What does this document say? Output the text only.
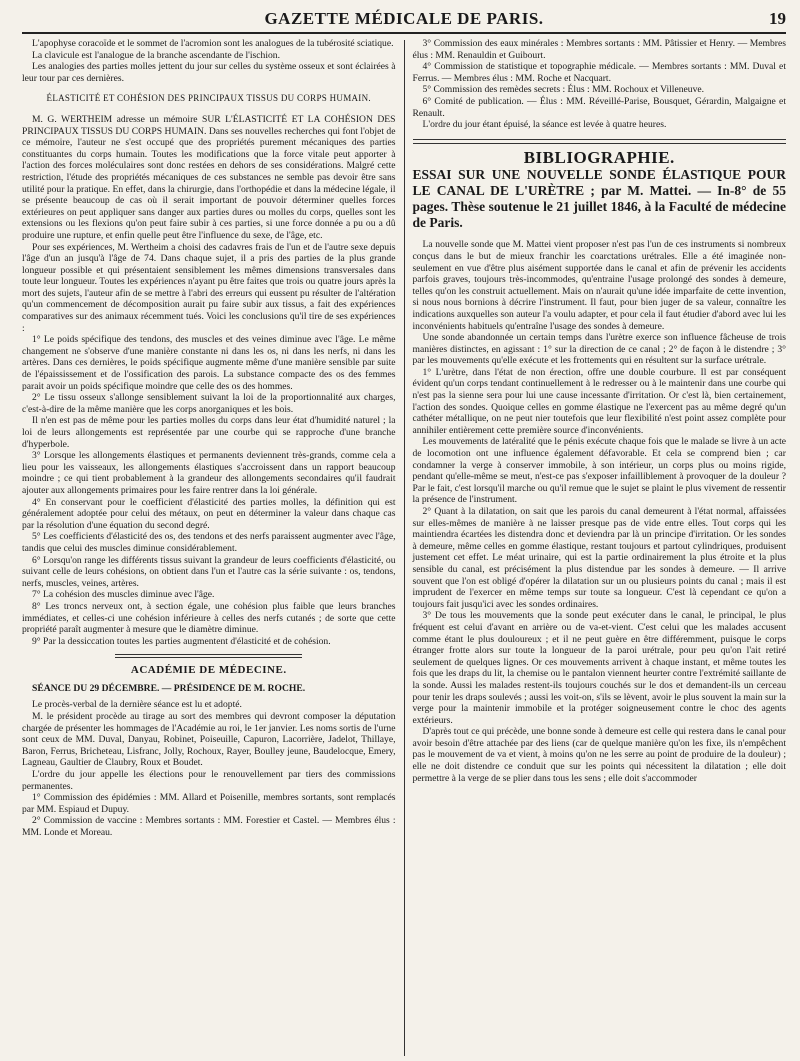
GAZETTE MÉDICALE DE PARIS.	19

L'apophyse coracoïde et le sommet de l'acromion sont les analogues de la tubérosité sciatique.

La clavicule est l'analogue de la branche ascendante de l'ischion.

Les analogies des parties molles jettent du jour sur celles du système osseux et sont éclairées à leur tour par ces dernières.

ÉLASTICITÉ ET COHÉSION DES PRINCIPAUX TISSUS DU CORPS HUMAIN.

M. G. WERTHEIM adresse un mémoire SUR L'ÉLASTICITÉ ET LA COHÉSION DES PRINCIPAUX TISSUS DU CORPS HUMAIN. Dans ses nouvelles recherches qui font l'objet de ce mémoire, l'auteur ne s'est occupé que des propriétés purement mécaniques des parties constituantes du corps humain. Toutes les modifications que la force vitale peut apporter à l'action des forces moléculaires sont donc restées en dehors de ses considérations. Malgré cette restriction, l'étude des propriétés mécaniques de ces substances ne semble pas devoir être sans utilité pour la pratique. En effet, dans la chirurgie, dans l'orthopédie et dans la médecine légale, il se présente beaucoup de cas où il serait important de pouvoir déterminer quelles forces extérieures on peut appliquer sans danger aux parties dures ou molles du corps, quelles sont les extensions ou les flexions qu'on peut faire subir à ces parties, si une force donnée a pu ou a dû produire une rupture, et enfin quelle peut être l'influence du sexe, de l'âge, etc.

Pour ses expériences, M. Wertheim a choisi des cadavres frais de l'un et de l'autre sexe depuis l'âge d'un an jusqu'à l'âge de 74. Dans chaque sujet, il a pris des parties de la plus grande longueur possible et qui présentaient sensiblement les mêmes dimensions transversales dans toute leur longueur. Toutes les expériences n'ayant pu être faites que trois ou quatre jours après la mort des sujets, l'auteur afin de se mettre à l'abri des erreurs qui eussent pu résulter de l'altération qu'un commencement de décomposition aurait pu faire subir aux tissus, a fait des expériences comparatives sur des animaux récemment tués. Voici les conclusions qu'il tire de ses expériences :

1° Le poids spécifique des tendons, des muscles et des veines diminue avec l'âge. Le même changement ne s'observe d'une manière constante ni dans les os, ni dans les nerfs, ni dans les artères. Dans ces dernières, le poids spécifique augmente même d'une manière sensible par suite de l'épaississement et de l'ossification des parois. La substance compacte des os des femmes parait avoir un poids spécifique moindre que celle des os des hommes.

2° Le tissu osseux s'allonge sensiblement suivant la loi de la proportionnalité aux charges, c'est-à-dire de la même manière que les corps anorganiques et les bois.

Il n'en est pas de même pour les parties molles du corps dans leur état d'humidité naturel ; la loi de leurs allongements est représentée par une courbe qui se rapproche d'une branche d'hyperbole.

3° Lorsque les allongements élastiques et permanents deviennent très-grands, comme cela a lieu pour les vaisseaux, les allongements élastiques s'accroissent dans un rapport beaucoup moindre ; ce qui tient probablement à la grandeur des allongements secondaires qu'il faudrait ajouter aux allongements primaires pour les faire rentrer dans la loi générale.

4° En conservant pour le coefficient d'élasticité des parties molles, la définition qui est généralement adoptée pour celui des métaux, on peut en déterminer la valeur dans chaque cas par la résolution d'une équation du second degré.

5° Les coefficients d'élasticité des os, des tendons et des nerfs paraissent augmenter avec l'âge, tandis que celui des muscles diminue considérablement.

6° Lorsqu'on range les différents tissus suivant la grandeur de leurs coefficients d'élasticité, ou suivant celle de leurs cohésions, on obtient dans l'un et l'autre cas la série suivante : os, tendons, nerfs, muscles, veines, artères.

7° La cohésion des muscles diminue avec l'âge.

8° Les troncs nerveux ont, à section égale, une cohésion plus faible que leurs branches immédiates, et celles-ci une cohésion inférieure à celles des nerfs cutanés ; de sorte que cette propriété paraît augmenter à mesure que le diamètre diminue.

9° Par la dessiccation toutes les parties augmentent d'élasticité et de cohésion.

ACADÉMIE DE MÉDECINE.

SÉANCE DU 29 DÉCEMBRE. — PRÉSIDENCE DE M. ROCHE.

Le procès-verbal de la dernière séance est lu et adopté.

M. le président procède au tirage au sort des membres qui devront composer la députation chargée de présenter les hommages de l'Académie au roi, le 1er janvier. Les noms sortis de l'urne sont ceux de MM. Duval, Danyau, Robinet, Poiseuille, Capuron, Lacorrière, Jadelot, Thillaye, Baron, Ferrus, Bricheteau, Lisfranc, Jolly, Rochoux, Rayer, Boulley jeune, Baudelocque, Emery, Lagneau, Gaultier de Claubry, Roux et Boudet.

L'ordre du jour appelle les élections pour le renouvellement par tiers des commissions permanentes.

1° Commission des épidémies : MM. Allard et Poisenille, membres sortants, sont remplacés par MM. Espiaud et Dupuy.

2° Commission de vaccine : Membres sortants : MM. Forestier et Castel. — Membres élus : MM. Londe et Moreau.

3° Commission des eaux minérales : Membres sortants : MM. Pâtissier et Henry. — Membres élus : MM. Renauldin et Guibourt.

4° Commission de statistique et topographie médicale. — Membres sortants : MM. Duval et Ferrus. — Membres élus : MM. Roche et Nacquart.

5° Commission des remèdes secrets : Élus : MM. Rochoux et Villeneuve.

6° Comité de publication. — Élus : MM. Réveillé-Parise, Bousquet, Gérardin, Malgaigne et Renault.

L'ordre du jour étant épuisé, la séance est levée à quatre heures.

BIBLIOGRAPHIE.

ESSAI SUR UNE NOUVELLE SONDE ÉLASTIQUE POUR LE CANAL DE L'URÈTRE ; par M. Mattei. — In-8° de 55 pages. Thèse soutenue le 21 juillet 1846, à la Faculté de médecine de Paris.

La nouvelle sonde que M. Mattei vient proposer n'est pas l'un de ces instruments si nombreux conçus dans le but de mieux franchir les coarctations urétrales. Elle a été imaginée non-seulement en vue d'être plus aisément supportée dans le canal et afin de prévenir les accidents parfois graves, toujours très-incommodes, qu'entraine l'usage prolongé des sondes à demeure, telles qu'on les construit actuellement. Mais on n'aurait qu'une idée imparfaite de cette invention, si nous nous bornions à décrire l'instrument. Il faut, pour bien juger de sa valeur, connaître les indications auxquelles son auteur l'a voulu adapter, et pour cela il faut étudier d'abord avec lui les inconvénients habituels qu'entraîne l'usage des sondes à demeure.

Une sonde abandonnée un certain temps dans l'urètre exerce son influence fâcheuse de trois manières distinctes, en agissant : 1° sur la direction de ce canal ; 2° de façon à le distendre ; 3° par les mouvements qu'elle exécute et les frottements qui en résultent sur la surface urétrale.

1° L'urètre, dans l'état de non érection, offre une double courbure. Il est par conséquent évident qu'un corps tendant continuellement à le redresser ou à le maintenir dans une courbe qui n'est pas la sienne sera pour lui une cause incessante d'irritation. Or c'est là, bien certainement, l'action des sondes. Quoique celles en gomme élastique ne l'exercent pas au même degré qu'un cathéter métallique, on ne peut nier toutefois que leur flexibilité n'est point assez complète pour annihiler entièrement cette première source d'inconvénients.

Les mouvements de latéralité que le pénis exécute chaque fois que le malade se livre à un acte de locomotion ont une influence également défavorable. Et cela se comprend bien ; car condamner la verge à conserver immobile, à son intérieur, un corps plus ou moins rigide, pendant qu'elle-même se meut, n'est-ce pas s'exposer infailliblement à provoquer de la douleur ? Par le fait, c'est lorsqu'il marche ou qu'il remue que le sujet se plaint le plus vivement de ressentir la présence de l'instrument.

2° Quant à la dilatation, on sait que les parois du canal demeurent à l'état normal, affaissées sur elles-mêmes de manière à ne laisser presque pas de vide entre elles. Tout corps qui les maintiendra écartées les distendra donc et deviendra par là un principe d'irritation. Or les sondes à demeure, même celles en gomme élastique, restant toujours et partout cylindriques, produisent justement cet effet. Le méat urinaire, qui est la partie ordinairement la plus étroite et la plus sensible du canal, est précisément la plus distendue par les sondes à demeure. — Il arrive souvent que l'on est obligé d'opérer la dilatation sur un ou plusieurs points du canal ; mais il est imprudent de l'exercer en même temps sur toute sa longueur. C'est là cependant ce qu'on a toujours fait jusqu'ici avec les sondes ordinaires.

3° De tous les mouvements que la sonde peut exécuter dans le canal, le principal, le plus fréquent est celui d'avant en arrière ou de va-et-vient. C'est celui que les malades accusent comme étant le plus douloureux ; et il ne peut guère en être différemment, puisque le corps étranger frotte alors sur toute la longueur de la paroi urétrale, pour peu qu'on l'ait retiré seulement de quelques lignes. Or ces mouvements arrivent à chaque instant, et même toutes les fois que les draps du lit, la chemise ou le pantalon viennent heurter contre l'extrémité saillante de la sonde. Aussi les malades restent-ils toujours couchés sur le dos et demandent-ils un cerceau pour tenir les draps soulevés ; aussi les voit-on, s'ils se lèvent, avoir le plus souvent la main sur la verge pour la maintenir immobile et la protéger soigneusement contre le choc des agents extérieurs.

D'après tout ce qui précède, une bonne sonde à demeure est celle qui restera dans le canal pour avoir besoin d'être attachée par des liens (car de quelque manière qu'on les fixe, ils n'empêchent pas le mouvement de va et vient, à moins qu'on ne les serre au point de produire de la douleur) ; elle ne doit distendre ce conduit que sur les points qui nécessitent la dilatation ; elle doit permettre à la verge de se plier dans tous les sens ; elle doit s'accommoder
